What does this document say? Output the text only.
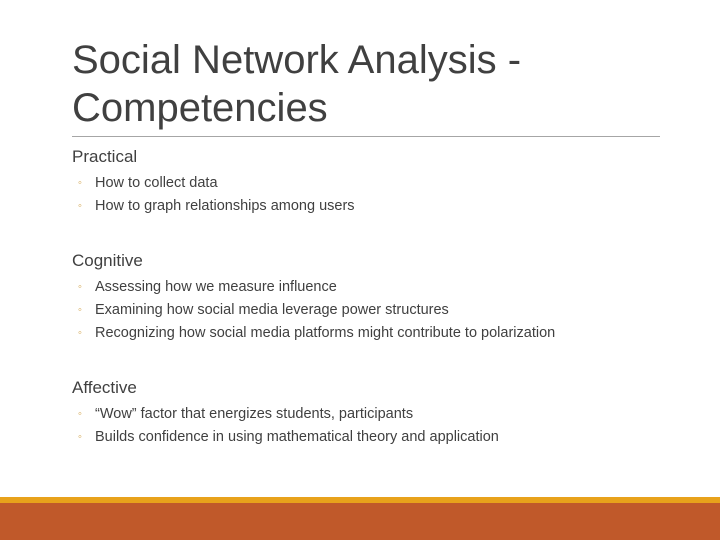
Social Network Analysis -
Competencies

Practical

◦ How to collect data
◦ How to graph relationships among users

Cognitive

◦ Assessing how we measure influence
◦ Examining how social media leverage power structures
◦ Recognizing how social media platforms might contribute to polarization

Affective

◦ “Wow” factor that energizes students, participants
◦ Builds confidence in using mathematical theory and application
